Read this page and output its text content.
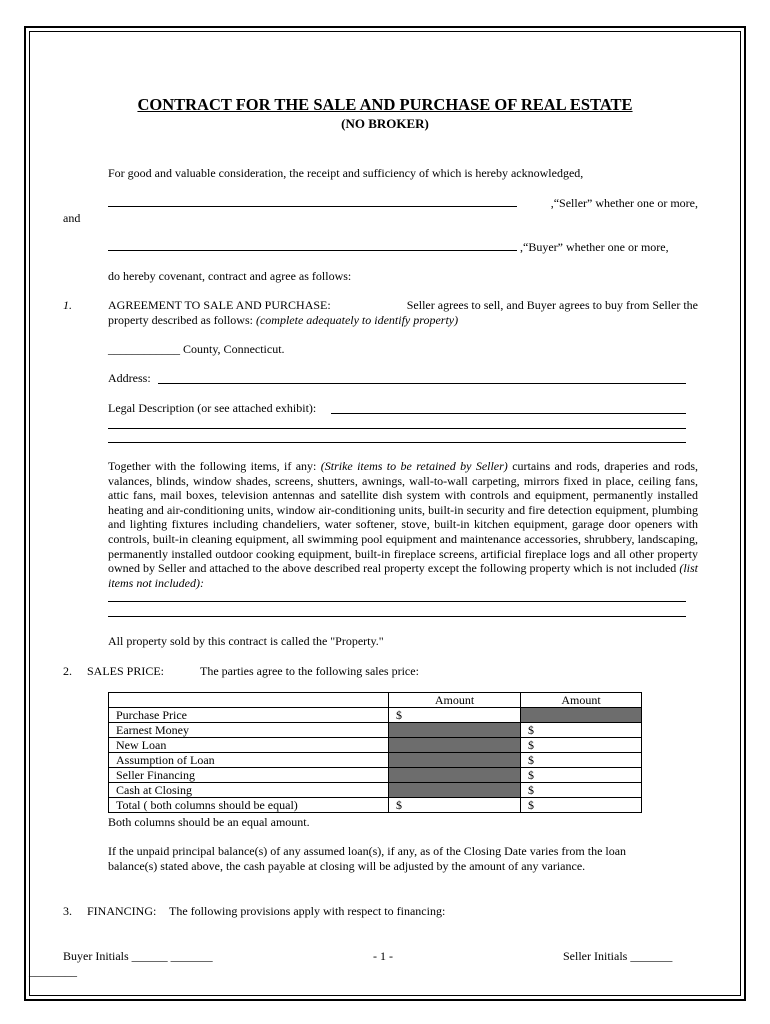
CONTRACT FOR THE SALE AND PURCHASE OF REAL ESTATE
(NO BROKER)
For good and valuable consideration, the receipt and sufficiency of which is hereby acknowledged,
,“Seller” whether one or more,
and
,“Buyer” whether one or more,
do hereby covenant, contract and agree as follows:
1.	AGREEMENT TO SALE AND PURCHASE:	Seller agrees to sell, and Buyer agrees to buy from Seller the
property described as follows: (complete adequately to identify property)
____________ County, Connecticut.
Address:
Legal Description (or see attached exhibit):
Together with the following items, if any: (Strike items to be retained by Seller) curtains and rods, draperies and rods, valances, blinds, window shades, screens, shutters, awnings, wall-to-wall carpeting, mirrors fixed in place, ceiling fans, attic fans, mail boxes, television antennas and satellite dish system with controls and equipment, permanently installed heating and air-conditioning units, window air-conditioning units, built-in security and fire detection equipment, plumbing and lighting fixtures including chandeliers, water softener, stove, built-in kitchen equipment, garage door openers with controls, built-in cleaning equipment, all swimming pool equipment and maintenance accessories, shrubbery, landscaping, permanently installed outdoor cooking equipment, built-in fireplace screens, artificial fireplace logs and all other property owned by Seller and attached to the above described real property except the following property which is not included (list items not included):
All property sold by this contract is called the "Property."
2. SALES PRICE:	The parties agree to the following sales price:
	Amount	Amount
Purchase Price	$	
Earnest Money		$
New Loan		$
Assumption of Loan		$
Seller Financing		$
Cash at Closing		$
Total ( both columns should be equal)	$	$
Both columns should be an equal amount.
If the unpaid principal balance(s) of any assumed loan(s), if any, as of the Closing Date varies from the loan balance(s) stated above, the cash payable at closing will be adjusted by the amount of any variance.
3. FINANCING: The following provisions apply with respect to financing:
Buyer Initials ______ _______	- 1 -	Seller Initials _______
________
